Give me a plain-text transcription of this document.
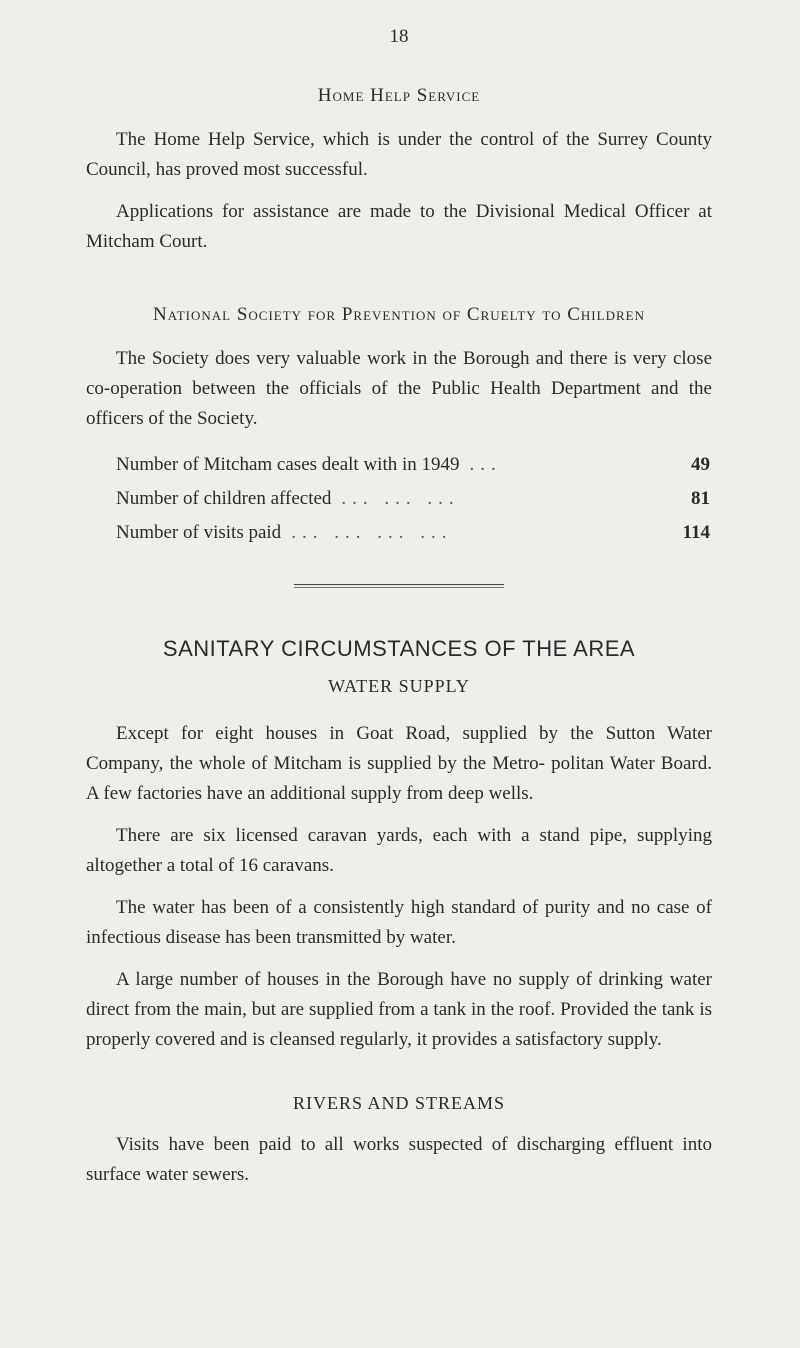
18
Home Help Service

The Home Help Service, which is under the control of the Surrey County Council, has proved most successful.

Applications for assistance are made to the Divisional Medical Officer at Mitcham Court.

National Society for Prevention of Cruelty to Children

The Society does very valuable work in the Borough and there is very close co-operation between the officials of the Public Health Department and the officers of the Society.

Number of Mitcham cases dealt with in 1949 ...	49
Number of children affected ... ... ...	81
Number of visits paid ... ... ... ...	114
SANITARY CIRCUMSTANCES OF THE AREA
WATER SUPPLY

Except for eight houses in Goat Road, supplied by the Sutton Water Company, the whole of Mitcham is supplied by the Metro- politan Water Board. A few factories have an additional supply from deep wells.

There are six licensed caravan yards, each with a stand pipe, supplying altogether a total of 16 caravans.

The water has been of a consistently high standard of purity and no case of infectious disease has been transmitted by water.

A large number of houses in the Borough have no supply of drinking water direct from the main, but are supplied from a tank in the roof. Provided the tank is properly covered and is cleansed regularly, it provides a satisfactory supply.

RIVERS AND STREAMS

Visits have been paid to all works suspected of discharging effluent into surface water sewers.
